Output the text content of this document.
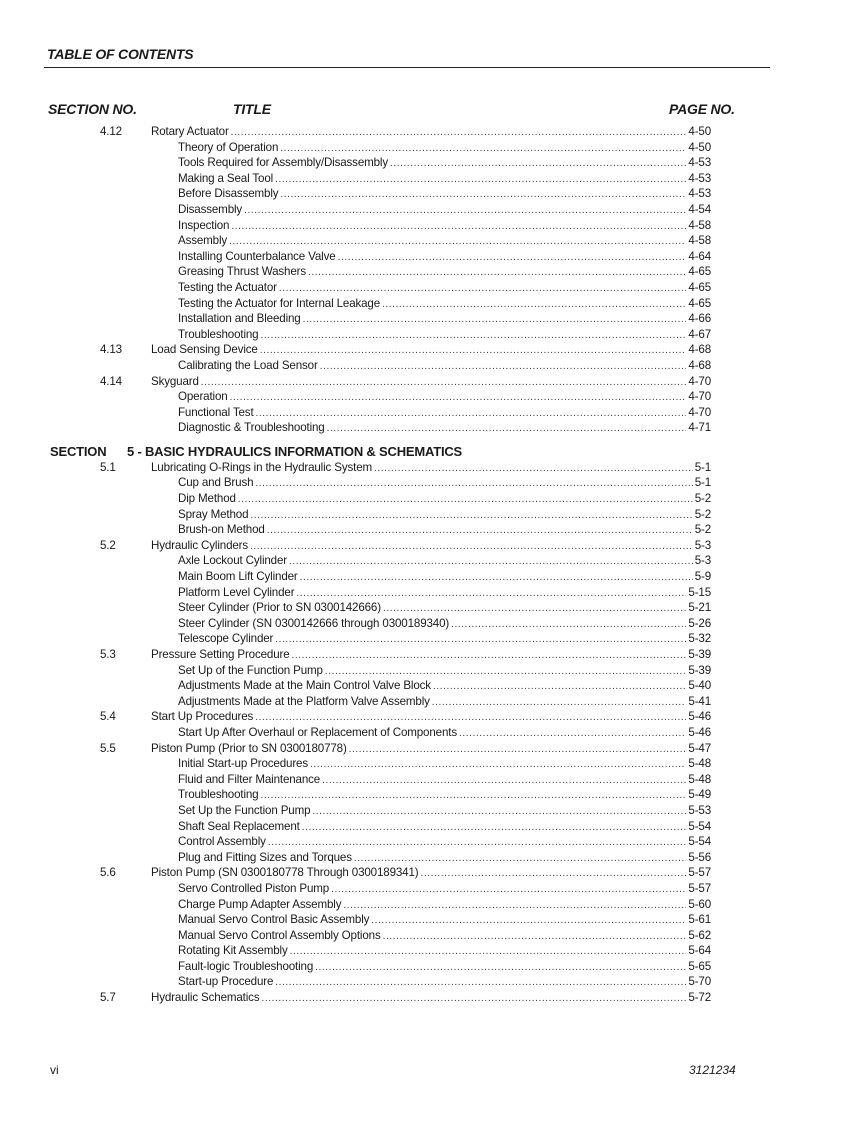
TABLE OF CONTENTS
SECTION NO.	TITLE	PAGE NO.
4.12	Rotary Actuator .....	4-50
Theory of Operation .....	4-50
Tools Required for Assembly/Disassembly .....	4-53
Making a Seal Tool .....	4-53
Before Disassembly .....	4-53
Disassembly .....	4-54
Inspection .....	4-58
Assembly .....	4-58
Installing Counterbalance Valve .....	4-64
Greasing Thrust Washers .....	4-65
Testing the Actuator .....	4-65
Testing the Actuator for Internal Leakage .....	4-65
Installation and Bleeding .....	4-66
Troubleshooting .....	4-67
4.13	Load Sensing Device .....	4-68
Calibrating the Load Sensor .....	4-68
4.14	Skyguard .....	4-70
Operation .....	4-70
Functional Test .....	4-70
Diagnostic & Troubleshooting .....	4-71
SECTION 5 - BASIC HYDRAULICS INFORMATION & SCHEMATICS
5.1	Lubricating O-Rings in the Hydraulic System .....	5-1
Cup and Brush .....	5-1
Dip Method .....	5-2
Spray Method .....	5-2
Brush-on Method .....	5-2
5.2	Hydraulic Cylinders .....	5-3
Axle Lockout Cylinder .....	5-3
Main Boom Lift Cylinder .....	5-9
Platform Level Cylinder .....	5-15
Steer Cylinder (Prior to SN 0300142666) .....	5-21
Steer Cylinder (SN 0300142666 through 0300189340) .....	5-26
Telescope Cylinder .....	5-32
5.3	Pressure Setting Procedure .....	5-39
Set Up of the Function Pump .....	5-39
Adjustments Made at the Main Control Valve Block .....	5-40
Adjustments Made at the Platform Valve Assembly .....	5-41
5.4	Start Up Procedures .....	5-46
Start Up After Overhaul or Replacement of Components .....	5-46
5.5	Piston Pump (Prior to SN 0300180778) .....	5-47
Initial Start-up Procedures .....	5-48
Fluid and Filter Maintenance .....	5-48
Troubleshooting .....	5-49
Set Up the Function Pump .....	5-53
Shaft Seal Replacement .....	5-54
Control Assembly .....	5-54
Plug and Fitting Sizes and Torques .....	5-56
5.6	Piston Pump (SN 0300180778 Through 0300189341) .....	5-57
Servo Controlled Piston Pump .....	5-57
Charge Pump Adapter Assembly .....	5-60
Manual Servo Control Basic Assembly .....	5-61
Manual Servo Control Assembly Options .....	5-62
Rotating Kit Assembly .....	5-64
Fault-logic Troubleshooting .....	5-65
Start-up Procedure .....	5-70
5.7	Hydraulic Schematics .....	5-72
vi	3121234
